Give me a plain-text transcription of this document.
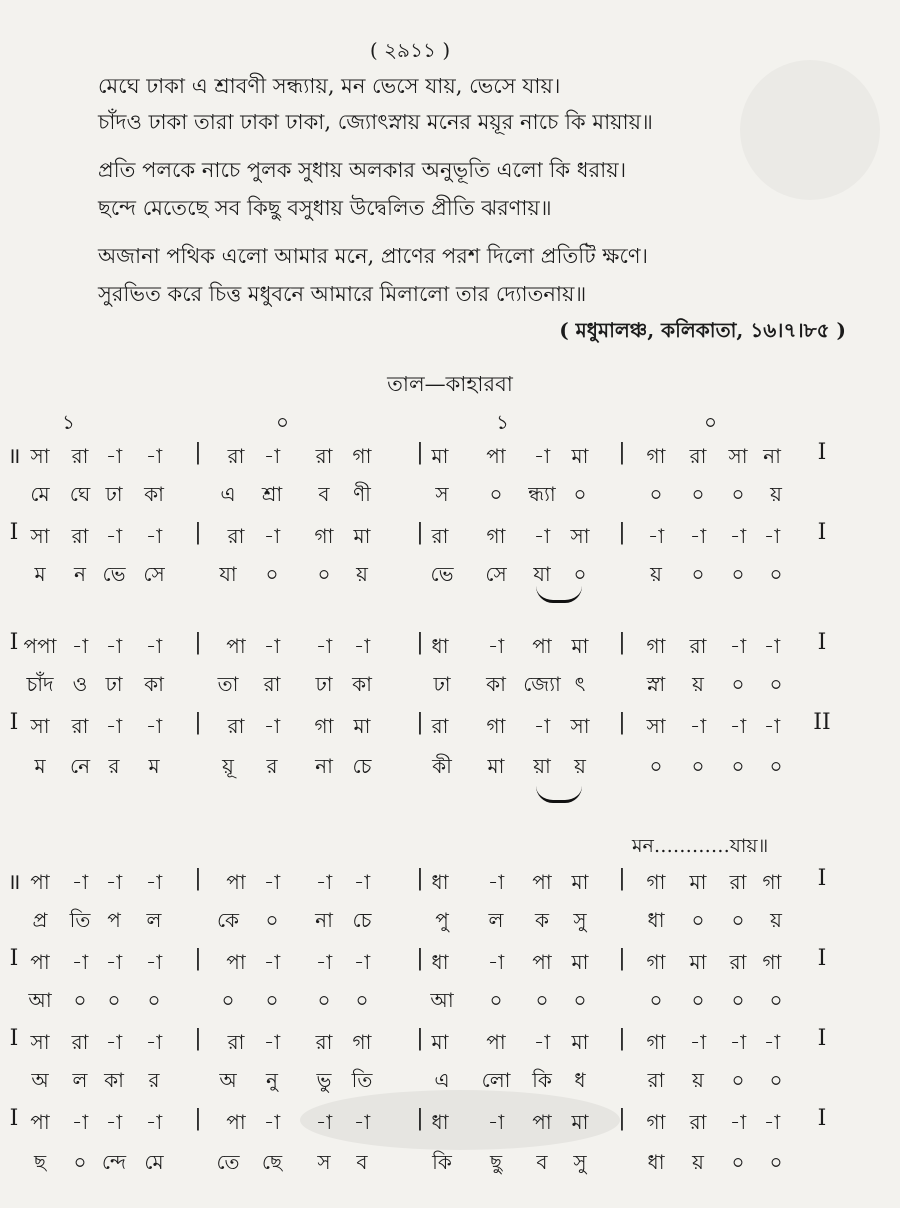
( ২৯১১ )
মেঘে ঢাকা এ শ্রাবণী সন্ধ্যায়, মন ভেসে যায়, ভেসে যায়।
চাঁদও ঢাকা তারা ঢাকা ঢাকা, জ্যোৎস্নায় মনের ময়ূর নাচে কি মায়ায়॥
প্রতি পলকে নাচে পুলক সুধায় অলকার অনুভূতি এলো কি ধরায়।
ছন্দে মেতেছে সব কিছু বসুধায় উদ্বেলিত প্রীতি ঝরণায়॥
অজানা পথিক এলো আমার মনে, প্রাণের পরশ দিলো প্রতিটি ক্ষণে।
সুরভিত করে চিত্ত মধুবনে আমারে মিলালো তার দ্যোতনায়॥
( মধুমালঞ্চ, কলিকাতা, ১৬।৭।৮৫ )
তাল—কাহারবা
১	০	১	০
মন…………যায়॥
॥	|	|	|
সা রা -া -া	রা -া রা গা	মা পা -া মা	গা রা সা না I
মে ঘে ঢা কা	এ শ্রা ব ণী	স ০ ন্ধ্যা ০	০ ০ ০ য়
I	|	|	|
সা রা -া -া	রা -া গা মা	রা গা -া সা	-া -া -া -া I
ম ন ভে সে	যা ০ ০ য়	ভে সে যা ০	য় ০ ০ ০
I	|	|	|
পপা -া -া -া	পা -া -া -া	ধা -া পা মা	গা রা -া -া I
চাঁদ ও ঢা কা	তা রা ঢা কা	ঢা কা জ্যো ৎ	স্না য় ০ ০
I	|	|	|
সা রা -া -া	রা -া গা মা	রা গা -া সা	সা -া -া -া II
ম নে র ম	য়ূ র না চে	কী মা য়া য়	০ ০ ০ ০
॥	|	|	|
পা -া -া -া	পা -া -া -া	ধা -া পা মা	গা মা রা গা I
প্র তি প ল	কে ০ না চে	পু ল ক সু	ধা ০ ০ য়
I	|	|	|
পা -া -া -া	পা -া -া -া	ধা -া পা মা	গা মা রা গা I
আ ০ ০ ০	০ ০ ০ ০	আ ০ ০ ০	০ ০ ০ ০
I	|	|	|
সা রা -া -া	রা -া রা গা	মা পা -া মা	গা -া -া -া I
অ ল কা র	অ নু ভু তি	এ লো কি ধ	রা য় ০ ০
I	|	|	|
পা -া -া -া	পা -া -া -া	ধা -া পা মা	গা রা -া -া I
ছ ০ ন্দে মে	তে ছে স ব	কি ছু ব সু	ধা য় ০ ০
